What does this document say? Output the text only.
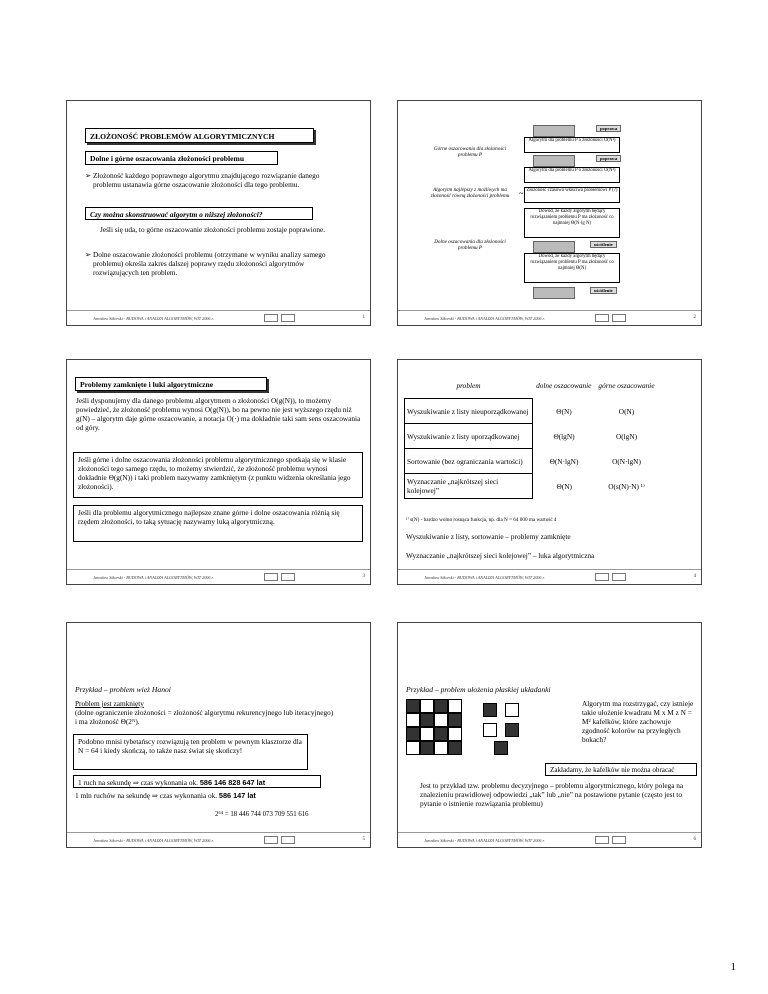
ZŁOŻONOŚĆ PROBLEMÓW ALGORYTMICZNYCH
Dolne i górne oszacowania złożoności problemu
➢ Złożoność każdego poprawnego algorytmu znajdującego rozwiązanie danego problemu ustanawia górne oszacowanie złożoności dla tego problemu.
Czy można skonstruować algorytm o niższej złożoności?
Jeśli się uda, to górne oszacowanie złożoności problemu zostaje poprawione.
➢ Dolne oszacowanie złożoności problemu (otrzymane w wyniku analizy samego problemu) określa zakres dalszej poprawy rzędu złożoności algorytmów rozwiązujących ten problem.
Jarosław Sikorski - BUDOWA i ANALIZA ALGORYTMÓW, WIT 2006 r.	1
Górne oszacowania dla złożoności problemu P
Algorytm najlepszy z możliwych ma złożoność równą złożoności problemu	~
Dolne oszacowania dla złożoności problemu P
poprawa
Algorytm dla problemu P o złożoności O(N³)
poprawa
Algorytm dla problemu P o złożoności O(N²)
Złożoność czasowa właściwa problemowi P (?)
Dowód, że każdy algorytm będący rozwiązaniem problemu P ma złożoność co najmniej Θ(N·lg N)
uściślenie
Dowód, że każdy algorytm będący rozwiązaniem problemu P ma złożoność co najmniej Θ(N)
uściślenie
Jarosław Sikorski - BUDOWA i ANALIZA ALGORYTMÓW, WIT 2006 r.	2
Problemy zamknięte i luki algorytmiczne
Jeśli dysponujemy dla danego problemu algorytmem o złożoności O(g(N)), to możemy powiedzieć, że złożoność problemu wynosi O(g(N)), bo na pewno nie jest wyższego rzędu niż g(N) – algorytm daje górne oszacowanie, a notacja O(·) ma dokładnie taki sam sens oszacowania od góry.
Jeśli górne i dolne oszacowania złożoności problemu algorytmicznego spotkają się w klasie złożoności tego samego rzędu, to możemy stwierdzić, że złożoność problemu wynosi dokładnie Θ(g(N)) i taki problem nazywamy zamkniętym (z punktu widzenia określania jego złożoności).
Jeśli dla problemu algorytmicznego najlepsze znane górne i dolne oszacowania różnią się rzędem złożoności, to taką sytuację nazywamy luką algorytmiczną.
Jarosław Sikorski - BUDOWA i ANALIZA ALGORYTMÓW, WIT 2006 r.	3
problem	dolne oszacowanie	górne oszacowanie
Wyszukiwanie z listy nieuporządkowanej	Θ(N)	O(N)
Wyszukiwanie z listy uporządkowanej	Θ(lgN)	O(lgN)
Sortowanie (bez ograniczania wartości)	Θ(N·lgN)	O(N·lgN)
Wyznaczanie „najkrótszej sieci kolejowej”	Θ(N)	O(s(N)·N) ¹⁾
¹⁾ s(N) - bardzo wolno rosnąca funkcja, np. dla N = 64 000 ma wartość 4
Wyszukiwanie z listy, sortowanie – problemy zamknięte
Wyznaczanie „najkrótszej sieci kolejowej” – luka algorytmiczna
Jarosław Sikorski - BUDOWA i ANALIZA ALGORYTMÓW, WIT 2006 r.	4
Przykład – problem wież Hanoi
Problem jest zamknięty
(dolne ograniczenie złożoności = złożoność algorytmu rekurencyjnego lub iteracyjnego) i ma złożoność Θ(2ᴺ).
Podobno mnisi tybetańscy rozwiązują ten problem w pewnym klasztorze dla N = 64 i kiedy skończą, to także nasz świat się skończy!
1 ruch na sekundę ⇒ czas wykonania ok. 586 146 828 647 lat
1 mln ruchów na sekundę ⇒ czas wykonania ok. 586 147 lat
2⁶⁴ = 18 446 744 073 709 551 616
Jarosław Sikorski - BUDOWA i ANALIZA ALGORYTMÓW, WIT 2006 r.	5
Przykład – problem ułożenia płaskiej układanki
Algorytm ma rozstrzygać, czy istnieje takie ułożenie kwadratu M x M z N = M² kafelków, które zachowuje zgodność kolorów na przyległych bokach?
Zakładamy, że kafelków nie można obracać
Jest to przykład tzw. problemu decyzyjnego – problemu algorytmicznego, który polega na znalezieniu prawidłowej odpowiedzi „tak” lub „nie” na postawione pytanie (często jest to pytanie o istnienie rozwiązania problemu)
Jarosław Sikorski - BUDOWA i ANALIZA ALGORYTMÓW, WIT 2006 r.	6
1
